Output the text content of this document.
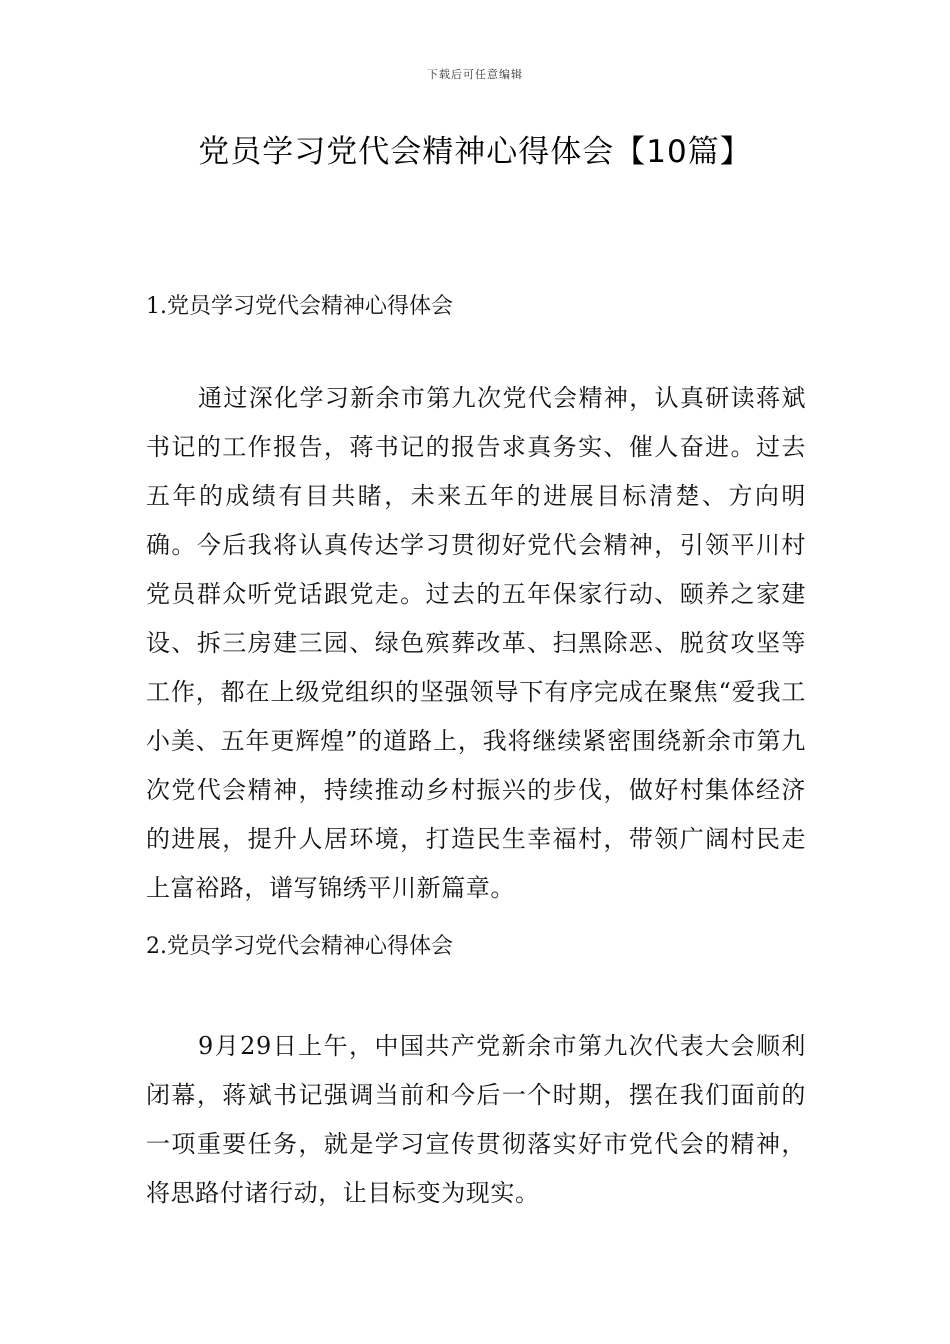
下载后可任意编辑
党员学习党代会精神心得体会【10篇】
1.党员学习党代会精神心得体会

通过深化学习新余市第九次党代会精神，认真研读蒋斌书记的工作报告，蒋书记的报告求真务实、催人奋进。过去五年的成绩有目共睹，未来五年的进展目标清楚、方向明确。今后我将认真传达学习贯彻好党代会精神，引领平川村党员群众听党话跟党走。过去的五年保家行动、颐养之家建设、拆三房建三园、绿色殡葬改革、扫黑除恶、脱贫攻坚等工作，都在上级党组织的坚强领导下有序完成在聚焦“爱我工小美、五年更辉煌”的道路上，我将继续紧密围绕新余市第九次党代会精神，持续推动乡村振兴的步伐，做好村集体经济的进展，提升人居环境，打造民生幸福村，带领广阔村民走上富裕路，谱写锦绣平川新篇章。

2.党员学习党代会精神心得体会

9月29日上午，中国共产党新余市第九次代表大会顺利闭幕，蒋斌书记强调当前和今后一个时期，摆在我们面前的一项重要任务，就是学习宣传贯彻落实好市党代会的精神，将思路付诸行动，让目标变为现实。
